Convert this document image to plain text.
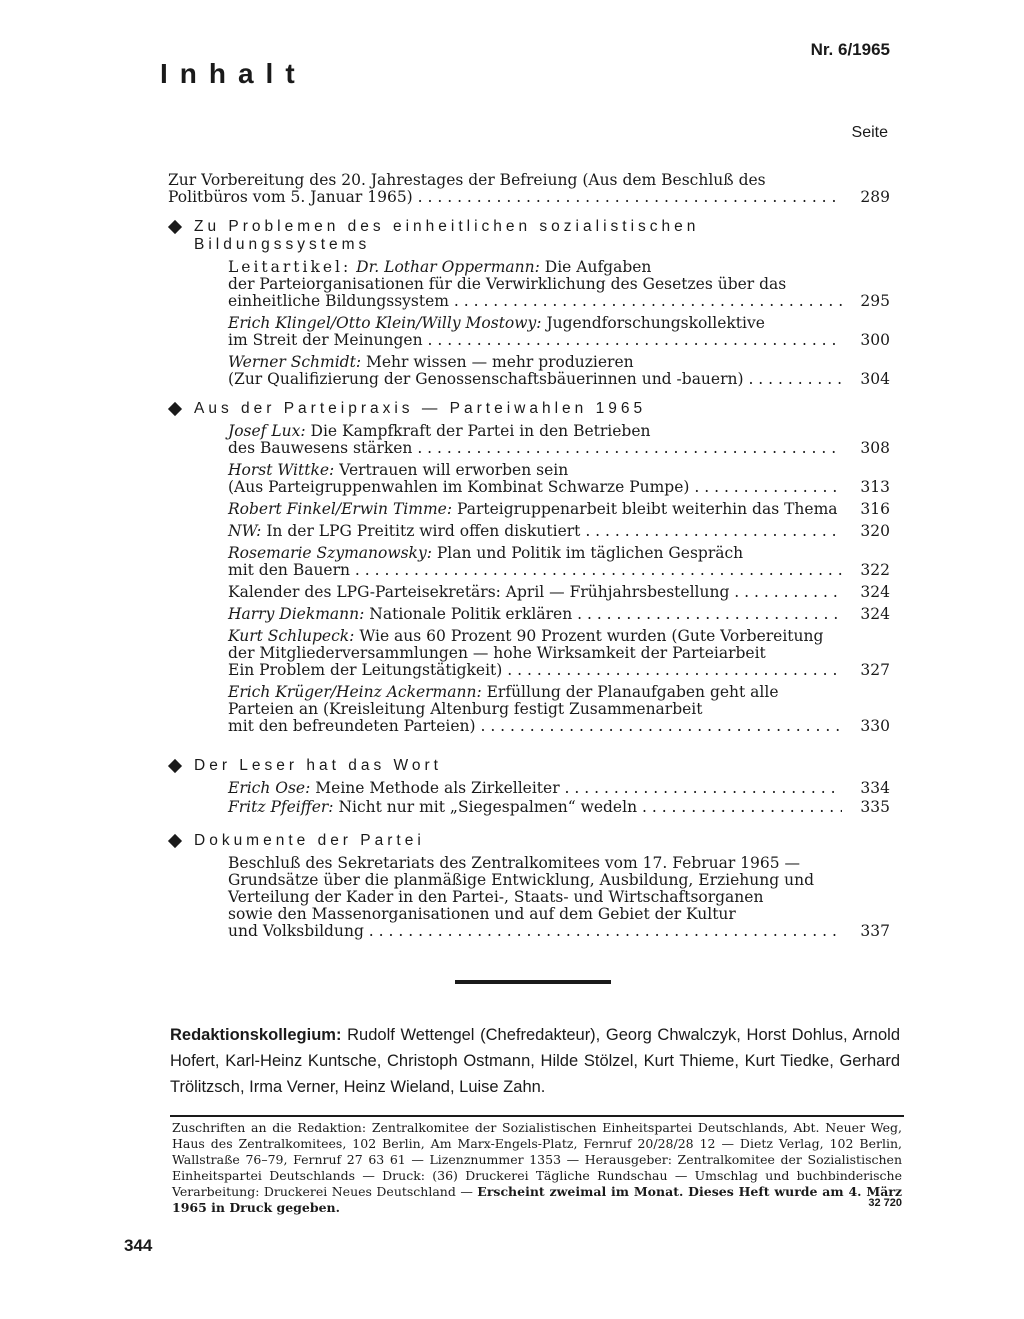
Nr. 6/1965
Inhalt
Seite
Zur Vorbereitung des 20. Jahrestages der Befreiung (Aus dem Beschluß des
Politbüros vom 5. Januar 1965) . . .	289
Zu Problemen des einheitlichen sozialistischen Bildungssystems
Leitartikel: Dr. Lothar Oppermann: Die Aufgaben
der Parteiorganisationen für die Verwirklichung des Gesetzes über das
einheitliche Bildungssystem . . .	295
Erich Klingel/Otto Klein/Willy Mostowy: Jugendforschungskollektive
im Streit der Meinungen . . .	300
Werner Schmidt: Mehr wissen — mehr produzieren
(Zur Qualifizierung der Genossenschaftsbäuerinnen und -bauern) . . .	304
Aus der Parteipraxis — Parteiwahlen 1965
Josef Lux: Die Kampfkraft der Partei in den Betrieben
des Bauwesens stärken . . .	308
Horst Wittke: Vertrauen will erworben sein
(Aus Parteigruppenwahlen im Kombinat Schwarze Pumpe) . . .	313
Robert Finkel/Erwin Timme: Parteigruppenarbeit bleibt weiterhin das Thema	316
NW:
In der LPG Preititz wird offen diskutiert . . .	320
Rosemarie Szymanowsky: Plan und Politik im täglichen Gespräch
mit den Bauern . . .	322
Kalender des LPG-Parteisekretärs: April — Frühjahrsbestellung . . .	324
Harry Diekmann:
Nationale Politik erklären . . .	324
Kurt Schlupeck: Wie aus 60 Prozent 90 Prozent wurden (Gute Vorbereitung
der Mitgliederversammlungen — hohe Wirksamkeit der Parteiarbeit
Ein Problem der Leitungstätigkeit) . . .	327
Erich Krüger/Heinz Ackermann: Erfüllung der Planaufgaben geht alle
Parteien an (Kreisleitung Altenburg festigt Zusammenarbeit
mit den befreundeten Parteien) . . .	330
Der Leser hat das Wort
Erich Ose:
Meine Methode als Zirkelleiter . . .	334
Fritz Pfeiffer:
Nicht nur mit „Siegespalmen“ wedeln . . .	335
Dokumente der Partei
Beschluß des Sekretariats des Zentralkomitees vom 17. Februar 1965 —
Grundsätze über die planmäßige Entwicklung, Ausbildung, Erziehung und
Verteilung der Kader in den Partei-, Staats- und Wirtschaftsorganen
sowie den Massenorganisationen und auf dem Gebiet der Kultur
und Volksbildung . . .	337
Redaktionskollegium: Rudolf Wettengel (Chefredakteur), Georg Chwalczyk, Horst Dohlus, Arnold Hofert, Karl-Heinz Kuntsche, Christoph Ostmann, Hilde Stölzel, Kurt Thieme, Kurt Tiedke, Gerhard Trölitzsch, Irma Verner, Heinz Wieland, Luise Zahn.
Zuschriften an die Redaktion: Zentralkomitee der Sozialistischen Einheitspartei Deutschlands, Abt. Neuer Weg, Haus des Zentralkomitees, 102 Berlin, Am Marx-Engels-Platz, Fernruf 20/28/28 12 — Dietz Verlag, 102 Berlin, Wallstraße 76–79, Fernruf 27 63 61 — Lizenznummer 1353 — Herausgeber: Zentralkomitee der Sozialistischen Einheitspartei Deutschlands — Druck: (36) Druckerei Tägliche Rundschau — Umschlag und buchbinderische Verarbeitung: Druckerei Neues Deutschland — Erscheint zweimal im Monat. Dieses Heft wurde am 4. März 1965 in Druck gegeben.	32 720
344
